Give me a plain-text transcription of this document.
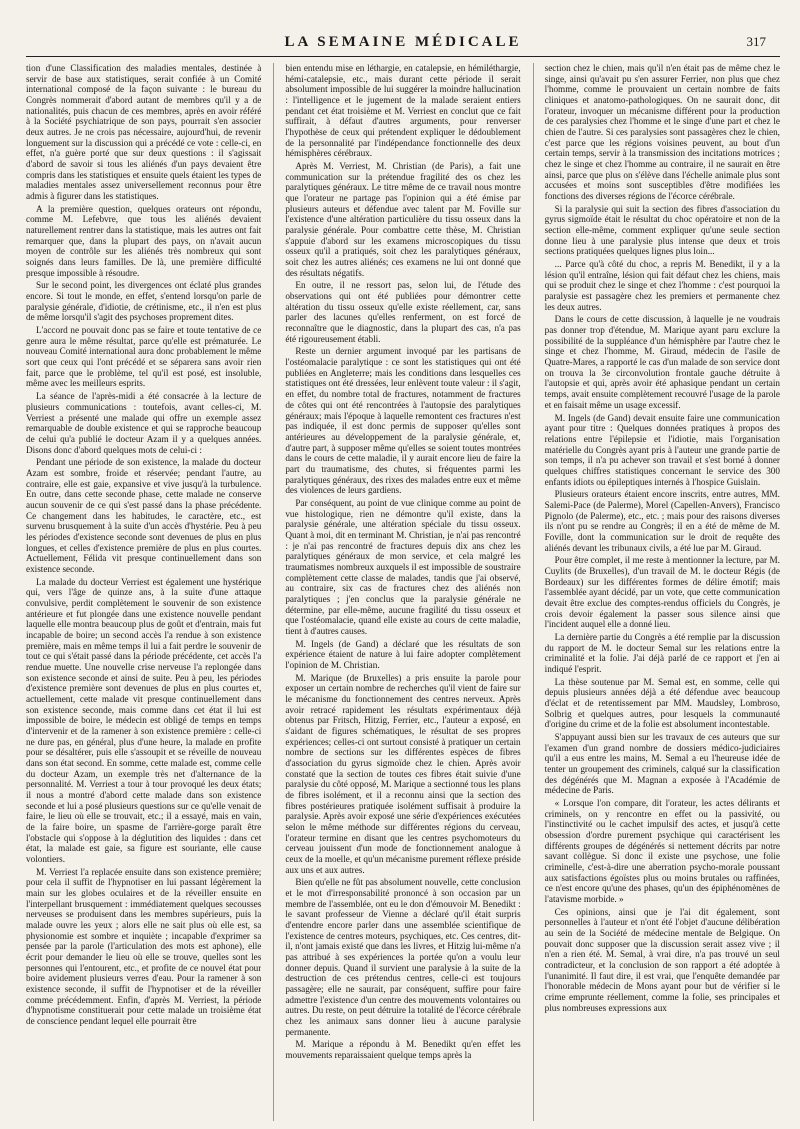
LA SEMAINE MÉDICALE	317

tion d'une Classification des maladies mentales, destinée à servir de base aux statistiques, serait confiée à un Comité international composé de la façon suivante : le bureau du Congrès nommerait d'abord autant de membres qu'il y a de nationalités, puis chacun de ces membres, après en avoir référé à la Société psychiatrique de son pays, pourrait s'en associer deux autres. Je ne crois pas nécessaire, aujourd'hui, de revenir longuement sur la discussion qui a précédé ce vote : celle-ci, en effet, n'a guère porté que sur deux questions : il s'agissait d'abord de savoir si tous les aliénés d'un pays devaient être compris dans les statistiques et ensuite quels étaient les types de maladies mentales assez universellement reconnus pour être admis à figurer dans les statistiques.

A la première question, quelques orateurs ont répondu, comme M. Lefebvre, que tous les aliénés devaient naturellement rentrer dans la statistique, mais les autres ont fait remarquer que, dans la plupart des pays, on n'avait aucun moyen de contrôle sur les aliénés très nombreux qui sont soignés dans leurs familles. De là, une première difficulté presque impossible à résoudre.

Sur le second point, les divergences ont éclaté plus grandes encore. Si tout le monde, en effet, s'entend lorsqu'on parle de paralysie générale, d'idiotie, de crétinisme, etc., il n'en est plus de même lorsqu'il s'agit des psychoses proprement dites.

L'accord ne pouvait donc pas se faire et toute tentative de ce genre aura le même résultat, parce qu'elle est prématurée. Le nouveau Comité international aura donc probablement le même sort que ceux qui l'ont précédé et se séparera sans avoir rien fait, parce que le problème, tel qu'il est posé, est insoluble, même avec les meilleurs esprits.

La séance de l'après-midi a été consacrée à la lecture de plusieurs communications : toutefois, avant celles-ci, M. Verriest a présenté une malade qui offre un exemple assez remarquable de double existence et qui se rapproche beaucoup de celui qu'a publié le docteur Azam il y a quelques années. Disons donc d'abord quelques mots de celui-ci :

Pendant une période de son existence, la malade du docteur Azam est sombre, froide et réservée; pendant l'autre, au contraire, elle est gaie, expansive et vive jusqu'à la turbulence. En outre, dans cette seconde phase, cette malade ne conserve aucun souvenir de ce qui s'est passé dans la phase précédente. Ce changement dans les habitudes, le caractère, etc., est survenu brusquement à la suite d'un accès d'hystérie. Peu à peu les périodes d'existence seconde sont devenues de plus en plus longues, et celles d'existence première de plus en plus courtes. Actuellement, Félida vit presque continuellement dans son existence seconde.

La malade du docteur Verriest est également une hystérique qui, vers l'âge de quinze ans, à la suite d'une attaque convulsive, perdit complètement le souvenir de son existence antérieure et fut plongée dans une existence nouvelle pendant laquelle elle montra beaucoup plus de goût et d'entrain, mais fut incapable de boire; un second accès l'a rendue à son existence première, mais en même temps il lui a fait perdre le souvenir de tout ce qui s'était passé dans la période précédente, cet accès l'a rendue muette. Une nouvelle crise nerveuse l'a replongée dans son existence seconde et ainsi de suite. Peu à peu, les périodes d'existence première sont devenues de plus en plus courtes et, actuellement, cette malade vit presque continuellement dans son existence seconde, mais comme dans cet état il lui est impossible de boire, le médecin est obligé de temps en temps d'intervenir et de la ramener à son existence première : celle-ci ne dure pas, en général, plus d'une heure, la malade en profite pour se désaltérer, puis elle s'assoupit et se réveille de nouveau dans son état second. En somme, cette malade est, comme celle du docteur Azam, un exemple très net d'alternance de la personnalité. M. Verriest a tour à tour provoqué les deux états; il nous a montré d'abord cette malade dans son existence seconde et lui a posé plusieurs questions sur ce qu'elle venait de faire, le lieu où elle se trouvait, etc.; il a essayé, mais en vain, de la faire boire, un spasme de l'arrière-gorge paraît être l'obstacle qui s'oppose à la déglutition des liquides : dans cet état, la malade est gaie, sa figure est souriante, elle cause volontiers.

M. Verriest l'a replacée ensuite dans son existence première; pour cela il suffit de l'hypnotiser en lui passant légèrement la main sur les globes oculaires et de la réveiller ensuite en l'interpellant brusquement : immédiatement quelques secousses nerveuses se produisent dans les membres supérieurs, puis la malade ouvre les yeux ; alors elle ne sait plus où elle est, sa physionomie est sombre et inquiète ; incapable d'exprimer sa pensée par la parole (l'articulation des mots est aphone), elle écrit pour demander le lieu où elle se trouve, quelles sont les personnes qui l'entourent, etc., et profite de ce nouvel état pour boire avidement plusieurs verres d'eau. Pour la ramener à son existence seconde, il suffit de l'hypnotiser et de la réveiller comme précédemment. Enfin, d'après M. Verriest, la période d'hypnotisme constituerait pour cette malade un troisième état de conscience pendant lequel elle pourrait être

bien entendu mise en léthargie, en catalepsie, en hémiléthargie, hémi-catalepsie, etc., mais durant cette période il serait absolument impossible de lui suggérer la moindre hallucination : l'intelligence et le jugement de la malade seraient entiers pendant cet état troisième et M. Verriest en conclut que ce fait suffirait, à défaut d'autres arguments, pour renverser l'hypothèse de ceux qui prétendent expliquer le dédoublement de la personnalité par l'indépendance fonctionnelle des deux hémisphères cérébraux.

Après M. Verriest, M. Christian (de Paris), a fait une communication sur la prétendue fragilité des os chez les paralytiques généraux. Le titre même de ce travail nous montre que l'orateur ne partage pas l'opinion qui a été émise par plusieurs auteurs et défendue avec talent par M. Foville sur l'existence d'une altération particulière du tissu osseux dans la paralysie générale. Pour combattre cette thèse, M. Christian s'appuie d'abord sur les examens microscopiques du tissu osseux qu'il a pratiqués, soit chez les paralytiques généraux, soit chez les autres aliénés; ces examens ne lui ont donné que des résultats négatifs.

En outre, il ne ressort pas, selon lui, de l'étude des observations qui ont été publiées pour démontrer cette altération du tissu osseux qu'elle existe réellement, car, sans parler des lacunes qu'elles renferment, on est forcé de reconnaître que le diagnostic, dans la plupart des cas, n'a pas été rigoureusement établi.

Reste un dernier argument invoqué par les partisans de l'ostéomalacie paralytique : ce sont les statistiques qui ont été publiées en Angleterre; mais les conditions dans lesquelles ces statistiques ont été dressées, leur enlèvent toute valeur : il s'agit, en effet, du nombre total de fractures, notamment de fractures de côtes qui ont été rencontrées à l'autopsie des paralytiques généraux; mais l'époque à laquelle remontent ces fractures n'est pas indiquée, il est donc permis de supposer qu'elles sont antérieures au développement de la paralysie générale, et, d'autre part, à supposer même qu'elles se soient toutes montrées dans le cours de cette maladie, il y aurait encore lieu de faire la part du traumatisme, des chutes, si fréquentes parmi les paralytiques généraux, des rixes des malades entre eux et même des violences de leurs gardiens.

Par conséquent, au point de vue clinique comme au point de vue histologique, rien ne démontre qu'il existe, dans la paralysie générale, une altération spéciale du tissu osseux. Quant à moi, dit en terminant M. Christian, je n'ai pas rencontré : je n'ai pas rencontré de fractures depuis dix ans chez les paralytiques généraux de mon service, et cela malgré les traumatismes nombreux auxquels il est impossible de soustraire complètement cette classe de malades, tandis que j'ai observé, au contraire, six cas de fractures chez des aliénés non paralytiques ; j'en conclus que la paralysie générale ne détermine, par elle-même, aucune fragilité du tissu osseux et que l'ostéomalacie, quand elle existe au cours de cette maladie, tient à d'autres causes.

M. Ingels (de Gand) a déclaré que les résultats de son expérience étaient de nature à lui faire adopter complètement l'opinion de M. Christian.

M. Marique (de Bruxelles) a pris ensuite la parole pour exposer un certain nombre de recherches qu'il vient de faire sur le mécanisme du fonctionnement des centres nerveux. Après avoir retracé rapidement les résultats expérimentaux déjà obtenus par Fritsch, Hitzig, Ferrier, etc., l'auteur a exposé, en s'aidant de figures schématiques, le résultat de ses propres expériences; celles-ci ont surtout consisté à pratiquer un certain nombre de sections sur les différentes espèces de fibres d'association du gyrus sigmoïde chez le chien. Après avoir constaté que la section de toutes ces fibres était suivie d'une paralysie du côté opposé, M. Marique a sectionné tous les plans de fibres isolément, et il a reconnu ainsi que la section des fibres postérieures pratiquée isolément suffisait à produire la paralysie. Après avoir exposé une série d'expériences exécutées selon le même méthode sur différentes régions du cerveau, l'orateur termine en disant que les centres psychomoteurs du cerveau jouissent d'un mode de fonctionnement analogue à ceux de la moelle, et qu'un mécanisme purement réflexe préside aux uns et aux autres.

Bien qu'elle ne fût pas absolument nouvelle, cette conclusion et le mot d'irresponsabilité prononcé à son occasion par un membre de l'assemblée, ont eu le don d'émouvoir M. Benedikt : le savant professeur de Vienne a déclaré qu'il était surpris d'entendre encore parler dans une assemblée scientifique de l'existence de centres moteurs, psychiques, etc. Ces centres, dit-il, n'ont jamais existé que dans les livres, et Hitzig lui-même n'a pas attribué à ses expériences la portée qu'on a voulu leur donner depuis. Quand il survient une paralysie à la suite de la destruction de ces prétendus centres, celle-ci est toujours passagère; elle ne saurait, par conséquent, suffire pour faire admettre l'existence d'un centre des mouvements volontaires ou autres. Du reste, on peut détruire la totalité de l'écorce cérébrale chez les animaux sans donner lieu à aucune paralysie permanente.

M. Marique a répondu à M. Benedikt qu'en effet les mouvements reparaissaient quelque temps après la

section chez le chien, mais qu'il n'en était pas de même chez le singe, ainsi qu'avait pu s'en assurer Ferrier, non plus que chez l'homme, comme le prouvaient un certain nombre de faits cliniques et anatomo-pathologiques. On ne saurait donc, dit l'orateur, invoquer un mécanisme différent pour la production de ces paralysies chez l'homme et le singe d'une part et chez le chien de l'autre. Si ces paralysies sont passagères chez le chien, c'est parce que les régions voisines peuvent, au bout d'un certain temps, servir à la transmission des incitations motrices ; chez le singe et chez l'homme au contraire, il ne saurait en être ainsi, parce que plus on s'élève dans l'échelle animale plus sont accusées et moins sont susceptibles d'être modifiées les fonctions des diverses régions de l'écorce cérébrale.

Si la paralysie qui suit la section des fibres d'association du gyrus sigmoïde était le résultat du choc opératoire et non de la section elle-même, comment expliquer qu'une seule section donne lieu à une paralysie plus intense que deux et trois sections pratiquées quelques lignes plus loin...

... Parce qu'à côté du choc, a repris M. Benedikt, il y a la lésion qu'il entraîne, lésion qui fait défaut chez les chiens, mais qui se produit chez le singe et chez l'homme : c'est pourquoi la paralysie est passagère chez les premiers et permanente chez les deux autres.

Dans le cours de cette discussion, à laquelle je ne voudrais pas donner trop d'étendue, M. Marique ayant paru exclure la possibilité de la suppléance d'un hémisphère par l'autre chez le singe et chez l'homme, M. Giraud, médecin de l'asile de Quatre-Mares, a rapporté le cas d'un malade de son service dont on trouva la 3e circonvolution frontale gauche détruite à l'autopsie et qui, après avoir été aphasique pendant un certain temps, avait ensuite complètement recouvré l'usage de la parole et en faisait même un usage excessif.

M. Ingels (de Gand) devait ensuite faire une communication ayant pour titre : Quelques données pratiques à propos des relations entre l'épilepsie et l'idiotie, mais l'organisation matérielle du Congrès ayant pris à l'auteur une grande partie de son temps, il n'a pu achever son travail et s'est borné à donner quelques chiffres statistiques concernant le service des 300 enfants idiots ou épileptiques internés à l'hospice Guislain.

Plusieurs orateurs étaient encore inscrits, entre autres, MM. Salemi-Pace (de Palerme), Morel (Capellen-Anvers), Francisco Pignolo (de Palerme), etc., etc. ; mais pour des raisons diverses ils n'ont pu se rendre au Congrès; il en a été de même de M. Foville, dont la communication sur le droit de requête des aliénés devant les tribunaux civils, a été lue par M. Giraud.

Pour être complet, il me reste à mentionner la lecture, par M. Cuylits (de Bruxelles), d'un travail de M. le docteur Régis (de Bordeaux) sur les différentes formes de délire émotif; mais l'assemblée ayant décidé, par un vote, que cette communication devait être exclue des comptes-rendus officiels du Congrès, je crois devoir également la passer sous silence ainsi que l'incident auquel elle a donné lieu.

La dernière partie du Congrès a été remplie par la discussion du rapport de M. le docteur Semal sur les relations entre la criminalité et la folie. J'ai déjà parlé de ce rapport et j'en ai indiqué l'esprit.

La thèse soutenue par M. Semal est, en somme, celle qui depuis plusieurs années déjà a été défendue avec beaucoup d'éclat et de retentissement par MM. Maudsley, Lombroso, Solbrig et quelques autres, pour lesquels la communauté d'origine du crime et de la folie est absolument incontestable.

S'appuyant aussi bien sur les travaux de ces auteurs que sur l'examen d'un grand nombre de dossiers médico-judiciaires qu'il a eus entre les mains, M. Semal a eu l'heureuse idée de tenter un groupement des criminels, calqué sur la classification des dégénérés que M. Magnan a exposée à l'Académie de médecine de Paris.

« Lorsque l'on compare, dit l'orateur, les actes délirants et criminels, on y rencontre en effet ou la passivité, ou l'instinctivité ou le cachet impulsif des actes, et jusqu'à cette obsession d'ordre purement psychique qui caractérisent les différents groupes de dégénérés si nettement décrits par notre savant collègue. Si donc il existe une psychose, une folie criminelle, c'est-à-dire une aberration psycho-morale poussant aux satisfactions égoïstes plus ou moins brutales ou raffinées, ce n'est encore qu'une des phases, qu'un des épiphénomènes de l'atavisme morbide. »

Ces opinions, ainsi que je l'ai dit également, sont personnelles à l'auteur et n'ont été l'objet d'aucune délibération au sein de la Société de médecine mentale de Belgique. On pouvait donc supposer que la discussion serait assez vive ; il n'en a rien été. M. Semal, à vrai dire, n'a pas trouvé un seul contradicteur, et la conclusion de son rapport a été adoptée à l'unanimité. Il faut dire, il est vrai, que l'enquête demandée par l'honorable médecin de Mons ayant pour but de vérifier si le crime emprunte réellement, comme la folie, ses principales et plus nombreuses expressions aux
